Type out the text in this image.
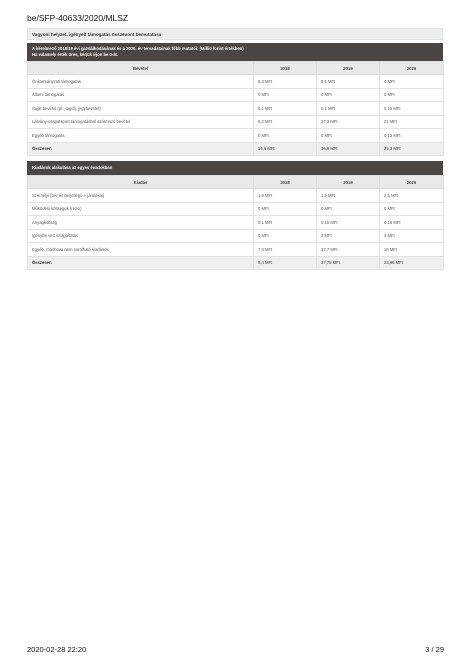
be/SFP-40633/2020/MLSZ
Vagyoni helyzet, igényelt támogatás összevont bemutatása
A kérelmező 2018/19 évi gazdálkodásának és a 2020. év tervadatainak főbb mutatói: (Millió forint értékben)
Ha valamely érték üres, kérjük írjon be 0-át.
Bevétel	2018	2019	2020
Önkormányzati támogatás	5,3 MFt	9,5 MFt	4 MFt
Állami támogatás	0 MFt	0 MFt	0 MFt
Saját bevétel (pl.: tagdíj, jegybevétel)	0,1 MFt	0,1 MFt	0,15 MFt
Látvány-csapatsport támogatásból származó bevétel	9,2 MFt	27,3 MFt	21 MFt
Egyéb támogatás	0 MFt	0 MFt	0,15 MFt
Összesen	14,6 MFt	36,9 MFt	25,3 MFt
Kiadások alakulása az egyes évadokban
Kiadás	2018	2019	2020
Személyi (bér és bérjellegű + járulékai)	1,6 MFt	1,9 MFt	2,5 MFt
Működési költségek (rezsi)	0 MFt	0 MFt	0 MFt
Anyagköltség	0,1 MFt	0,15 MFt	0,16 MFt
Igénybe vett szolgáltatás	0 MFt	3 MFt	3 MFt
Egyéb, máshova nem sorolható kiadások	7,4 MFt	32,7 MFt	18 MFt
Összesen	9,4 MFt	37,75 MFt	23,66 MFt
2020-02-28 22:20	3 / 29
